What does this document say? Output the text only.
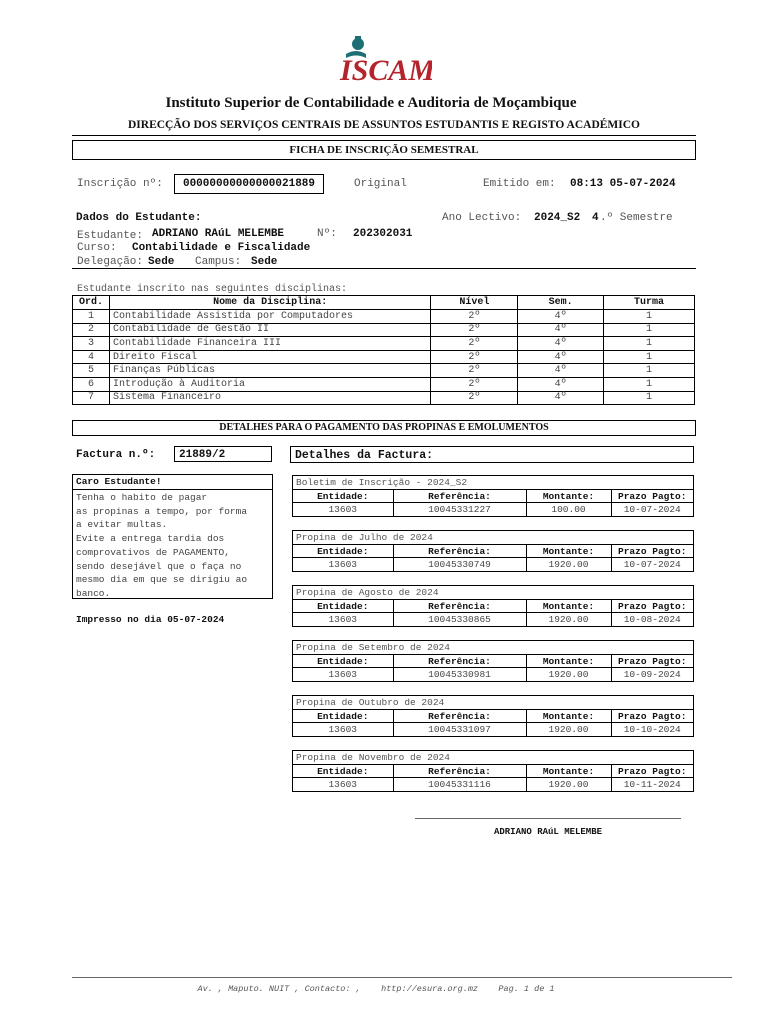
ISCAM
Instituto Superior de Contabilidade e Auditoria de Moçambique
DIRECÇÃO DOS SERVIÇOS CENTRAIS DE ASSUNTOS ESTUDANTIS E REGISTO ACADÉMICO
FICHA DE INSCRIÇÃO SEMESTRAL
Inscrição nº:	00000000000000021889	Original	Emitido em: 08:13 05-07-2024
Dados do Estudante:	Ano Lectivo: 2024_S2 4 .º Semestre
Estudante: ADRIANO RAúL MELEMBE	Nº: 202302031
Curso: Contabilidade e Fiscalidade
Delegação: Sede Campus: Sede
Estudante inscrito nas seguintes disciplinas:
Ord.	Nome da Disciplina:	Nível	Sem.	Turma
1	Contabilidade Assistida por Computadores	2º	4º	1
2	Contabilidade de Gestão II	2º	4º	1
3	Contabilidade Financeira III	2º	4º	1
4	Direito Fiscal	2º	4º	1
5	Finanças Públicas	2º	4º	1
6	Introdução à Auditoria	2º	4º	1
7	Sistema Financeiro	2º	4º	1
DETALHES PARA O PAGAMENTO DAS PROPINAS E EMOLUMENTOS
Factura n.º:	21889/2	Detalhes da Factura:
Caro Estudante!
Tenha o habito de pagar
as propinas a tempo, por forma
a evitar multas.
Evite a entrega tardia dos
comprovativos de PAGAMENTO,
sendo desejável que o faça no
mesmo dia em que se dirigiu ao
banco.
Impresso no dia 05-07-2024
Boletim de Inscrição - 2024_S2
Entidade:	Referência:	Montante:	Prazo Pagto:
13603	10045331227	100.00	10-07-2024
Propina de Julho de 2024
Entidade:	Referência:	Montante:	Prazo Pagto:
13603	10045330749	1920.00	10-07-2024
Propina de Agosto de 2024
Entidade:	Referência:	Montante:	Prazo Pagto:
13603	10045330865	1920.00	10-08-2024
Propina de Setembro de 2024
Entidade:	Referência:	Montante:	Prazo Pagto:
13603	10045330981	1920.00	10-09-2024
Propina de Outubro de 2024
Entidade:	Referência:	Montante:	Prazo Pagto:
13603	10045331097	1920.00	10-10-2024
Propina de Novembro de 2024
Entidade:	Referência:	Montante:	Prazo Pagto:
13603	10045331116	1920.00	10-11-2024
ADRIANO RAúL MELEMBE
Av. , Maputo. NUIT , Contacto: ,    http://esura.org.mz    Pag. 1 de 1
